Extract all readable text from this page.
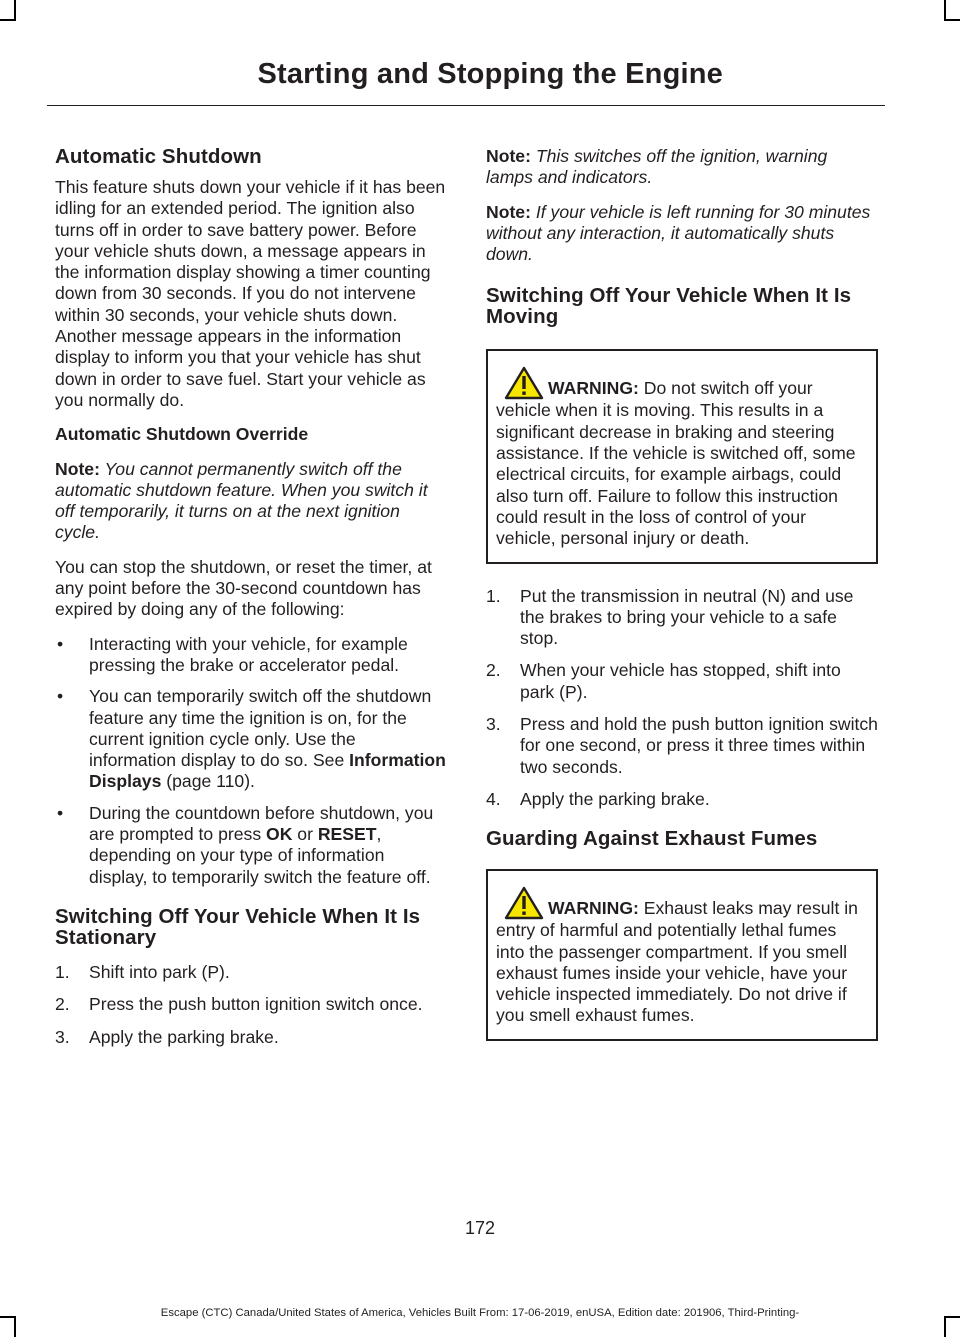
Starting and Stopping the Engine
Automatic Shutdown
This feature shuts down your vehicle if it has been idling for an extended period. The ignition also turns off in order to save battery power. Before your vehicle shuts down, a message appears in the information display showing a timer counting down from 30 seconds. If you do not intervene within 30 seconds, your vehicle shuts down. Another message appears in the information display to inform you that your vehicle has shut down in order to save fuel. Start your vehicle as you normally do.
Automatic Shutdown Override
Note: You cannot permanently switch off the automatic shutdown feature. When you switch it off temporarily, it turns on at the next ignition cycle.
You can stop the shutdown, or reset the timer, at any point before the 30-second countdown has expired by doing any of the following:
• Interacting with your vehicle, for example pressing the brake or accelerator pedal.
• You can temporarily switch off the shutdown feature any time the ignition is on, for the current ignition cycle only. Use the information display to do so. See Information Displays (page 110).
• During the countdown before shutdown, you are prompted to press OK or RESET, depending on your type of information display, to temporarily switch the feature off.
Switching Off Your Vehicle When It Is Stationary
1. Shift into park (P).
2. Press the push button ignition switch once.
3. Apply the parking brake.
Note: This switches off the ignition, warning lamps and indicators.
Note: If your vehicle is left running for 30 minutes without any interaction, it automatically shuts down.
Switching Off Your Vehicle When It Is Moving
WARNING: Do not switch off your vehicle when it is moving. This results in a significant decrease in braking and steering assistance. If the vehicle is switched off, some electrical circuits, for example airbags, could also turn off. Failure to follow this instruction could result in the loss of control of your vehicle, personal injury or death.
1. Put the transmission in neutral (N) and use the brakes to bring your vehicle to a safe stop.
2. When your vehicle has stopped, shift into park (P).
3. Press and hold the push button ignition switch for one second, or press it three times within two seconds.
4. Apply the parking brake.
Guarding Against Exhaust Fumes
WARNING: Exhaust leaks may result in entry of harmful and potentially lethal fumes into the passenger compartment. If you smell exhaust fumes inside your vehicle, have your vehicle inspected immediately. Do not drive if you smell exhaust fumes.
172
Escape (CTC) Canada/United States of America, Vehicles Built From: 17-06-2019, enUSA, Edition date: 201906, Third-Printing-
